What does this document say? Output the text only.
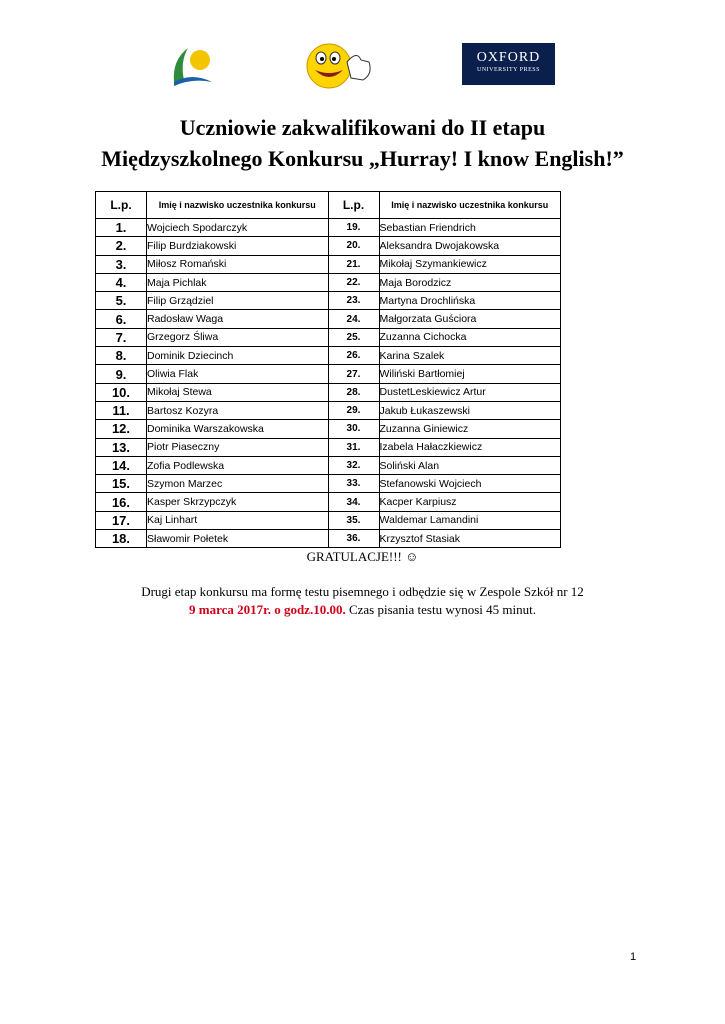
OXFORD
UNIVERSITY PRESS
Uczniowie zakwalifikowani do II etapu
Międzyszkolnego Konkursu „Hurray! I know English!”
L.p.	Imię i nazwisko uczestnika konkursu	L.p.	Imię i nazwisko uczestnika konkursu
1.	Wojciech Spodarczyk	19.	Sebastian Friendrich
2.	Filip Burdziakowski	20.	Aleksandra Dwojakowska
3.	Miłosz Romański	21.	Mikołaj Szymankiewicz
4.	Maja Pichlak	22.	Maja Borodzicz
5.	Filip Grządziel	23.	Martyna Drochlińska
6.	Radosław Waga	24.	Małgorzata Guściora
7.	Grzegorz Śliwa	25.	Zuzanna Cichocka
8.	Dominik Dziecinch	26.	Karina Szalek
9.	Oliwia Flak	27.	Wiliński Bartłomiej
10.	Mikołaj Stewa	28.	DustetLeskiewicz Artur
11.	Bartosz Kozyra	29.	Jakub Łukaszewski
12.	Dominika Warszakowska	30.	Zuzanna Giniewicz
13.	Piotr Piaseczny	31.	Izabela Hałaczkiewicz
14.	Zofia Podlewska	32.	Soliński Alan
15.	Szymon Marzec	33.	Stefanowski Wojciech
16.	Kasper Skrzypczyk	34.	Kacper Karpiusz
17.	Kaj Linhart	35.	Waldemar Lamandini
18.	Sławomir Połetek	36.	Krzysztof Stasiak
GRATULACJE!!! ☺
Drugi etap konkursu ma formę testu pisemnego i odbędzie się w Zespole Szkół nr 12
9 marca 2017r. o godz.10.00. Czas pisania testu wynosi 45 minut.
1
